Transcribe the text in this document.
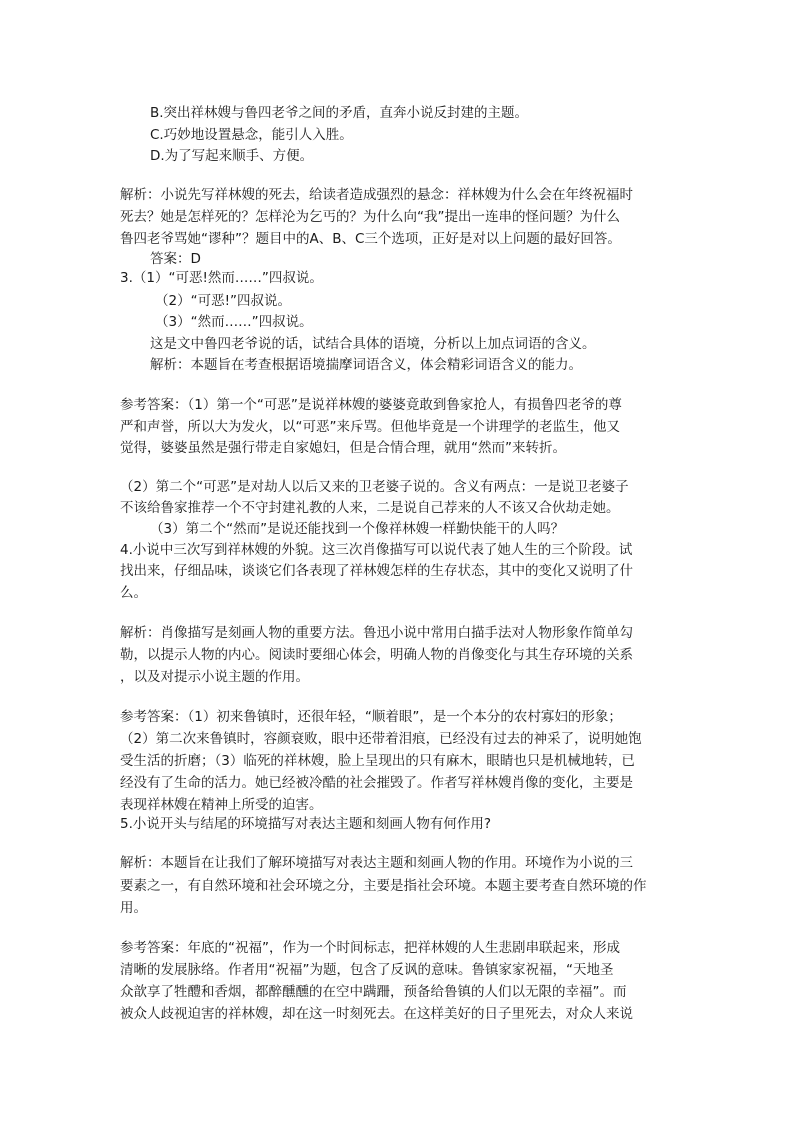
B.突出祥林嫂与鲁四老爷之间的矛盾，直奔小说反封建的主题。
C.巧妙地设置悬念，能引人入胜。
D.为了写起来顺手、方便。
解析：小说先写祥林嫂的死去，给读者造成强烈的悬念：祥林嫂为什么会在年终祝福时
死去？她是怎样死的？怎样沦为乞丐的？为什么向“我”提出一连串的怪问题？为什么
鲁四老爷骂她“谬种”？题目中的A、B、C三个选项，正好是对以上问题的最好回答。
答案：D
3.（1）“可恶!然而……”四叔说。
（2）“可恶!”四叔说。
（3）“然而……”四叔说。
这是文中鲁四老爷说的话，试结合具体的语境，分析以上加点词语的含义。
解析：本题旨在考查根据语境揣摩词语含义，体会精彩词语含义的能力。
参考答案：（1）第一个“可恶”是说祥林嫂的婆婆竟敢到鲁家抢人，有损鲁四老爷的尊
严和声誉，所以大为发火，以“可恶”来斥骂。但他毕竟是一个讲理学的老监生，他又
觉得，婆婆虽然是强行带走自家媳妇，但是合情合理，就用“然而”来转折。
（2）第二个“可恶”是对劫人以后又来的卫老婆子说的。含义有两点：一是说卫老婆子
不该给鲁家推荐一个不守封建礼教的人来，二是说自己荐来的人不该又合伙劫走她。
（3）第二个“然而”是说还能找到一个像祥林嫂一样勤快能干的人吗？
4.小说中三次写到祥林嫂的外貌。这三次肖像描写可以说代表了她人生的三个阶段。试
找出来，仔细品味，谈谈它们各表现了祥林嫂怎样的生存状态，其中的变化又说明了什
么。
解析：肖像描写是刻画人物的重要方法。鲁迅小说中常用白描手法对人物形象作简单勾
勒，以提示人物的内心。阅读时要细心体会，明确人物的肖像变化与其生存环境的关系
，以及对提示小说主题的作用。
参考答案：（1）初来鲁镇时，还很年轻，“顺着眼”，是一个本分的农村寡妇的形象；
（2）第二次来鲁镇时，容颜衰败，眼中还带着泪痕，已经没有过去的神采了，说明她饱
受生活的折磨；（3）临死的祥林嫂，脸上呈现出的只有麻木，眼睛也只是机械地转，已
经没有了生命的活力。她已经被冷酷的社会摧毁了。作者写祥林嫂肖像的变化，主要是
表现祥林嫂在精神上所受的迫害。
5.小说开头与结尾的环境描写对表达主题和刻画人物有何作用?
解析：本题旨在让我们了解环境描写对表达主题和刻画人物的作用。环境作为小说的三
要素之一，有自然环境和社会环境之分，主要是指社会环境。本题主要考查自然环境的作
用。
参考答案：年底的“祝福”，作为一个时间标志，把祥林嫂的人生悲剧串联起来，形成
清晰的发展脉络。作者用“祝福”为题，包含了反讽的意味。鲁镇家家祝福，“天地圣
众歆享了牲醴和香烟，都醉醺醺的在空中蹒跚，预备给鲁镇的人们以无限的幸福”。而
被众人歧视迫害的祥林嫂，却在这一时刻死去。在这样美好的日子里死去，对众人来说
